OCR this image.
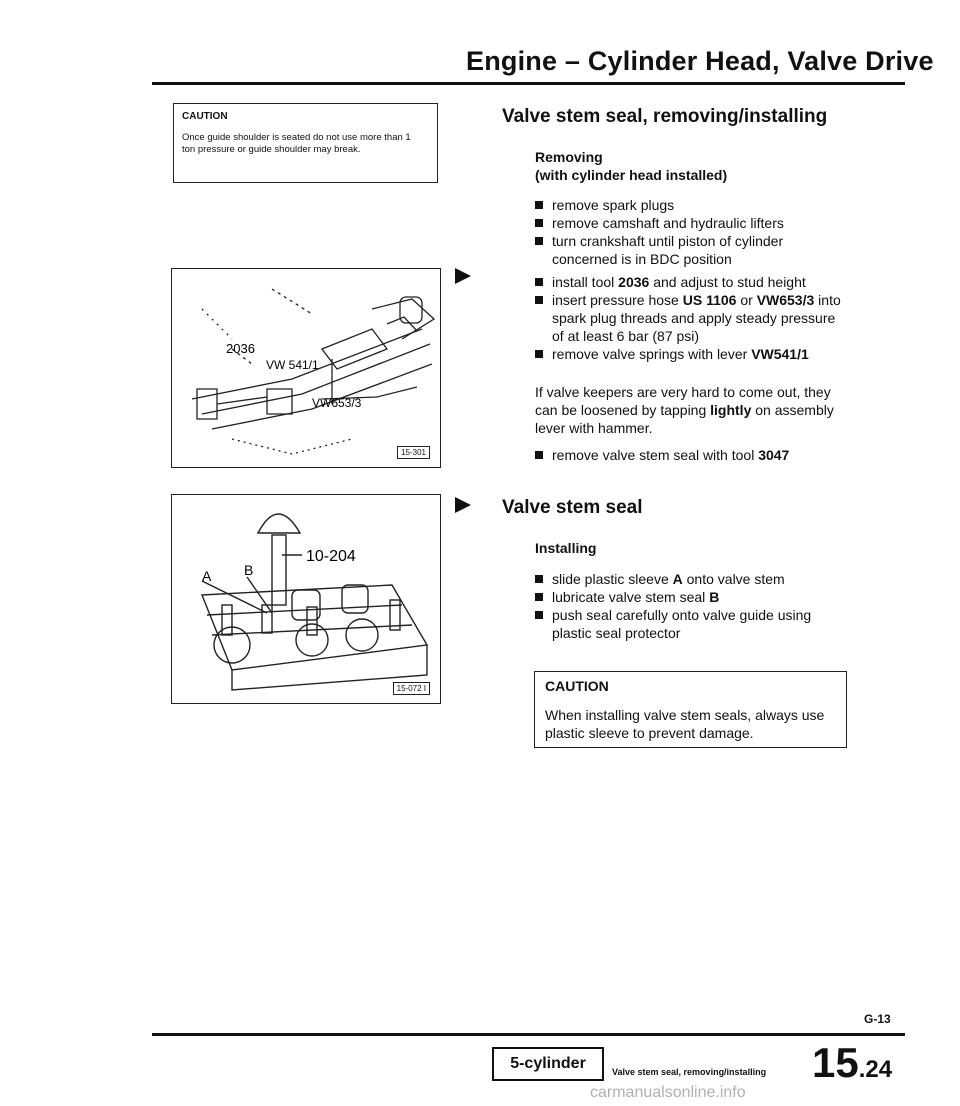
Engine – Cylinder Head, Valve Drive
CAUTION
Once guide shoulder is seated do not use more than 1 ton pressure or guide shoulder may break.
2036
VW 541/1
VW653/3
15-301
A B
10-204
15-072 I
Valve stem seal, removing/installing
Removing
(with cylinder head installed)
remove spark plugs
remove camshaft and hydraulic lifters
turn crankshaft until piston of cylinder concerned is in BDC position
install tool 2036 and adjust to stud height
insert pressure hose US 1106 or VW653/3 into spark plug threads and apply steady pressure of at least 6 bar (87 psi)
remove valve springs with lever VW541/1
If valve keepers are very hard to come out, they can be loosened by tapping lightly on assembly lever with hammer.
remove valve stem seal with tool 3047
Valve stem seal
Installing
slide plastic sleeve A onto valve stem
lubricate valve stem seal B
push seal carefully onto valve guide using plastic seal protector
CAUTION
When installing valve stem seals, always use plastic sleeve to prevent damage.
G-13
5-cylinder	Valve stem seal, removing/installing 15.24
carmanualsonline.info
